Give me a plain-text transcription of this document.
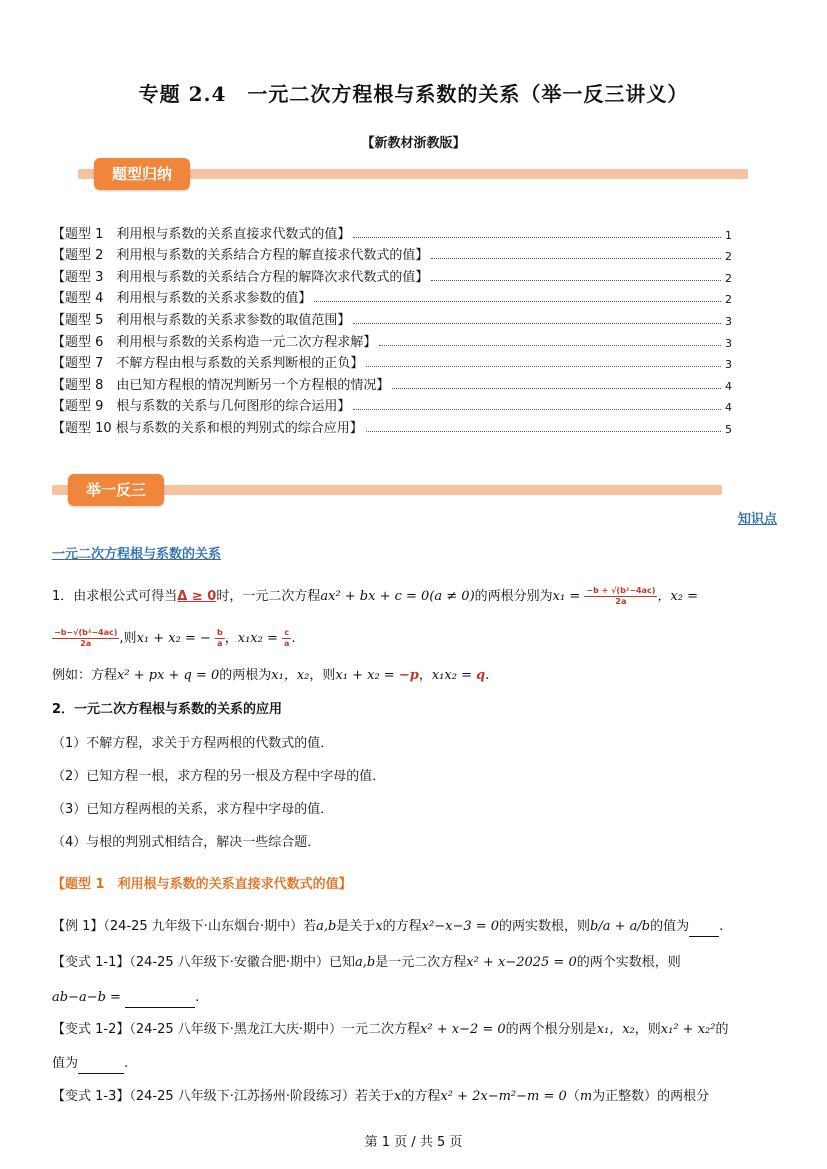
专题 2.4　一元二次方程根与系数的关系（举一反三讲义）
【新教材浙教版】
题型归纳
【题型 1　利用根与系数的关系直接求代数式的值】	1
【题型 2　利用根与系数的关系结合方程的解直接求代数式的值】	2
【题型 3　利用根与系数的关系结合方程的解降次求代数式的值】	2
【题型 4　利用根与系数的关系求参数的值】	2
【题型 5　利用根与系数的关系求参数的取值范围】	3
【题型 6　利用根与系数的关系构造一元二次方程求解】	3
【题型 7　不解方程由根与系数的关系判断根的正负】	3
【题型 8　由已知方程根的情况判断另一个方程根的情况】	4
【题型 9　根与系数的关系与几何图形的综合运用】	4
【题型 10 根与系数的关系和根的判别式的综合应用】	5
举一反三
知识点
一元二次方程根与系数的关系
1．由求根公式可得当Δ ≥ 0时，一元二次方程ax² + bx + c = 0(a ≠ 0)的两根分别为$x_1 = \frac{\text{−b + √(b²−4ac)}}{2a}$ ，x₂ =
$\frac{\text{−b−√(b²−4ac)}}{2a}$ ,则x₁ + x₂ = − $\frac{b}{a}$ ，$x_1x_2 = \frac{c}{a}$ .
例如：方程x² + px + q = 0的两根为x₁，x₂，则x₁ + x₂ = −p，x₁x₂ = q.
2．一元二次方程根与系数的关系的应用
（1）不解方程，求关于方程两根的代数式的值．
（2）已知方程一根，求方程的另一根及方程中字母的值．
（3）已知方程两根的关系，求方程中字母的值．
（4）与根的判别式相结合，解决一些综合题．
【题型 1　利用根与系数的关系直接求代数式的值】
【例 1】（24-25 九年级下·山东烟台·期中）若a,b是关于x的方程x²−x−3 = 0的两实数根，则b/a + a/b的值为 .
【变式 1-1】（24-25 八年级下·安徽合肥·期中）已知a,b是一元二次方程x² + x−2025 = 0的两个实数根，则
ab−a−b =	.
【变式 1-2】（24-25 八年级下·黑龙江大庆·期中）一元二次方程x² + x−2 = 0的两个根分别是x₁，x₂，则x₁² + x₂²的
值为	.
【变式 1-3】（24-25 八年级下·江苏扬州·阶段练习）若关于x的方程x² + 2x−m²−m = 0（m为正整数）的两根分
第 1 页 / 共 5 页
